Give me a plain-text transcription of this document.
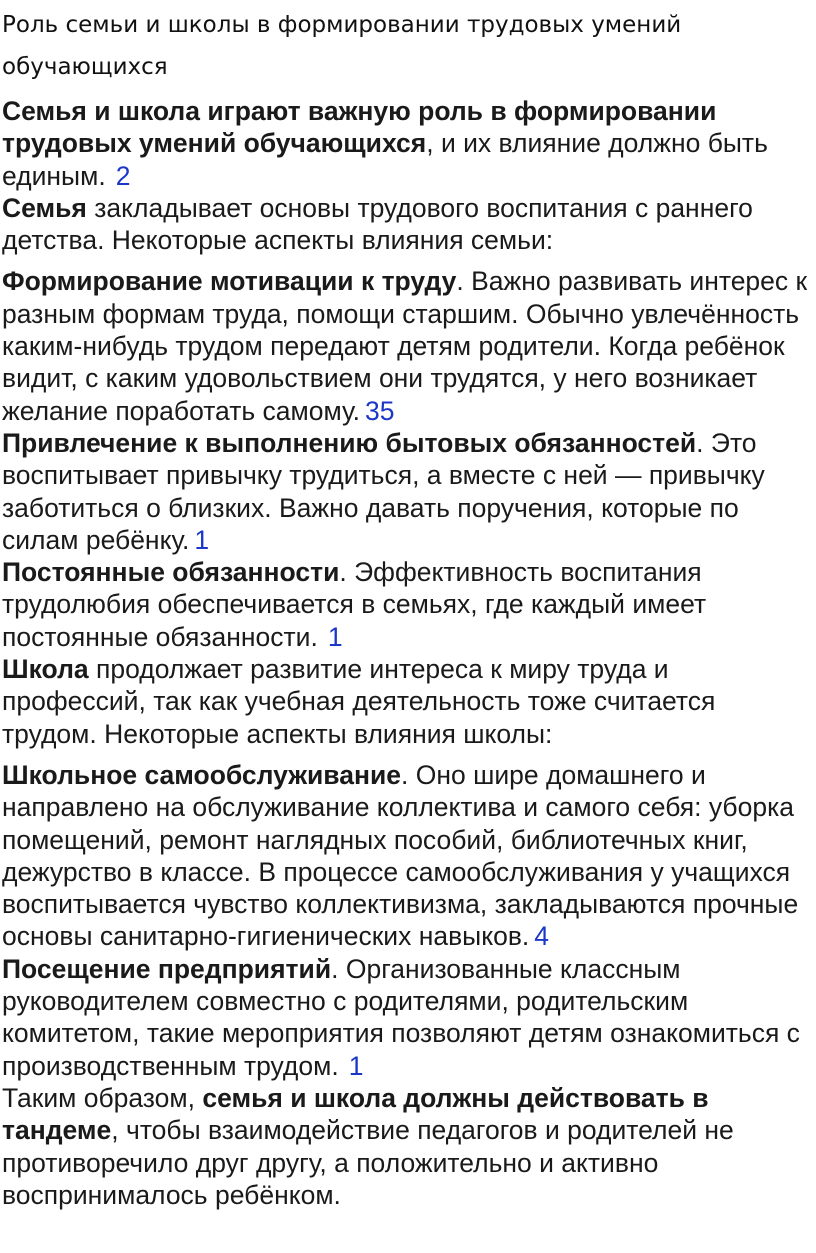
Роль семьи и школы в формировании трудовых умений обучающихся

Семья и школа играют важную роль в формировании трудовых умений обучающихся, и их влияние должно быть единым. 2

Семья закладывает основы трудового воспитания с раннего детства. Некоторые аспекты влияния семьи:

Формирование мотивации к труду. Важно развивать интерес к разным формам труда, помощи старшим. Обычно увлечённость каким-нибудь трудом передают детям родители. Когда ребёнок видит, с каким удовольствием они трудятся, у него возникает желание поработать самому. 35

Привлечение к выполнению бытовых обязанностей. Это воспитывает привычку трудиться, а вместе с ней — привычку заботиться о близких. Важно давать поручения, которые по силам ребёнку. 1

Постоянные обязанности. Эффективность воспитания трудолюбия обеспечивается в семьях, где каждый имеет постоянные обязанности. 1

Школа продолжает развитие интереса к миру труда и профессий, так как учебная деятельность тоже считается трудом. Некоторые аспекты влияния школы:

Школьное самообслуживание. Оно шире домашнего и направлено на обслуживание коллектива и самого себя: уборка помещений, ремонт наглядных пособий, библиотечных книг, дежурство в классе. В процессе самообслуживания у учащихся воспитывается чувство коллективизма, закладываются прочные основы санитарно-гигиенических навыков. 4

Посещение предприятий. Организованные классным руководителем совместно с родителями, родительским комитетом, такие мероприятия позволяют детям ознакомиться с производственным трудом. 1

Таким образом, семья и школа должны действовать в тандеме, чтобы взаимодействие педагогов и родителей не противоречило друг другу, а положительно и активно воспринималось ребёнком.
